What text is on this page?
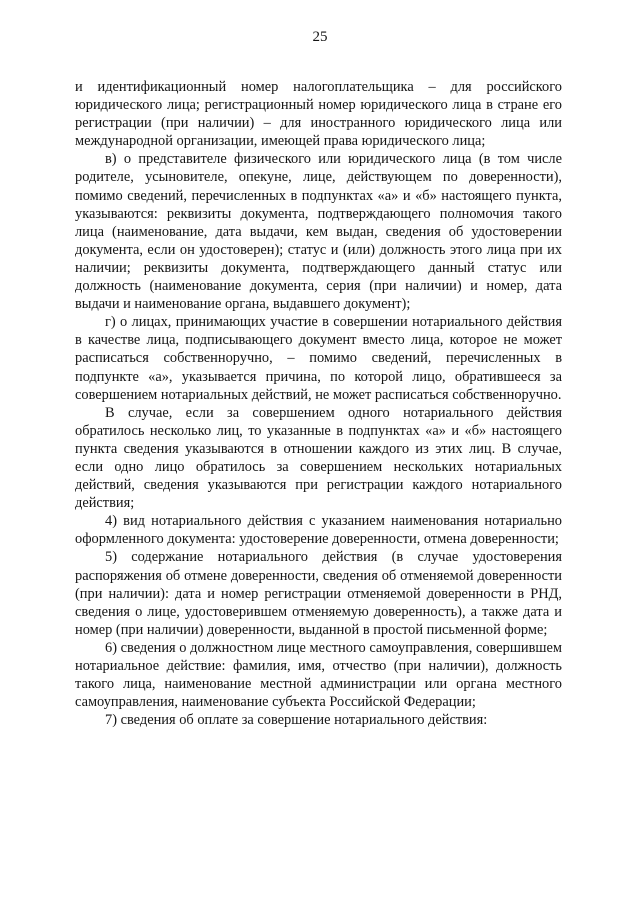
25

и идентификационный номер налогоплательщика – для российского юридического лица; регистрационный номер юридического лица в стране его регистрации (при наличии) – для иностранного юридического лица или международной организации, имеющей права юридического лица;

в) о представителе физического или юридического лица (в том числе родителе, усыновителе, опекуне, лице, действующем по доверенности), помимо сведений, перечисленных в подпунктах «а» и «б» настоящего пункта, указываются: реквизиты документа, подтверждающего полномочия такого лица (наименование, дата выдачи, кем выдан, сведения об удостоверении документа, если он удостоверен); статус и (или) должность этого лица при их наличии; реквизиты документа, подтверждающего данный статус или должность (наименование документа, серия (при наличии) и номер, дата выдачи и наименование органа, выдавшего документ);

г) о лицах, принимающих участие в совершении нотариального действия в качестве лица, подписывающего документ вместо лица, которое не может расписаться собственноручно, – помимо сведений, перечисленных в подпункте «а», указывается причина, по которой лицо, обратившееся за совершением нотариальных действий, не может расписаться собственноручно.

В случае, если за совершением одного нотариального действия обратилось несколько лиц, то указанные в подпунктах «а» и «б» настоящего пункта сведения указываются в отношении каждого из этих лиц. В случае, если одно лицо обратилось за совершением нескольких нотариальных действий, сведения указываются при регистрации каждого нотариального действия;

4) вид нотариального действия с указанием наименования нотариально оформленного документа: удостоверение доверенности, отмена доверенности;

5) содержание нотариального действия (в случае удостоверения распоряжения об отмене доверенности, сведения об отменяемой доверенности (при наличии): дата и номер регистрации отменяемой доверенности в РНД, сведения о лице, удостоверившем отменяемую доверенность), а также дата и номер (при наличии) доверенности, выданной в простой письменной форме;

6) сведения о должностном лице местного самоуправления, совершившем нотариальное действие: фамилия, имя, отчество (при наличии), должность такого лица, наименование местной администрации или органа местного самоуправления, наименование субъекта Российской Федерации;

7) сведения об оплате за совершение нотариального действия:
